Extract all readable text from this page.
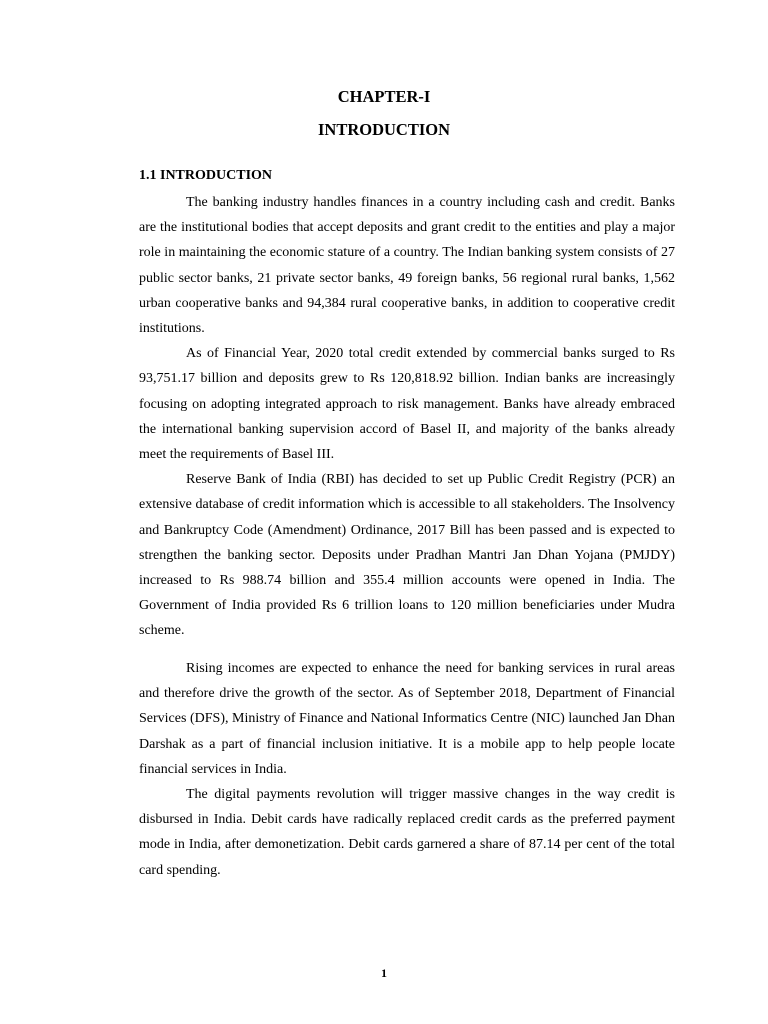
CHAPTER-I
INTRODUCTION
1.1 INTRODUCTION

The banking industry handles finances in a country including cash and credit. Banks are the institutional bodies that accept deposits and grant credit to the entities and play a major role in maintaining the economic stature of a country. The Indian banking system consists of 27 public sector banks, 21 private sector banks, 49 foreign banks, 56 regional rural banks, 1,562 urban cooperative banks and 94,384 rural cooperative banks, in addition to cooperative credit institutions.

As of Financial Year, 2020 total credit extended by commercial banks surged to Rs 93,751.17 billion and deposits grew to Rs 120,818.92 billion. Indian banks are increasingly focusing on adopting integrated approach to risk management. Banks have already embraced the international banking supervision accord of Basel II, and majority of the banks already meet the requirements of Basel III.

Reserve Bank of India (RBI) has decided to set up Public Credit Registry (PCR) an extensive database of credit information which is accessible to all stakeholders. The Insolvency and Bankruptcy Code (Amendment) Ordinance, 2017 Bill has been passed and is expected to strengthen the banking sector. Deposits under Pradhan Mantri Jan Dhan Yojana (PMJDY) increased to Rs 988.74 billion and 355.4 million accounts were opened in India. The Government of India provided Rs 6 trillion loans to 120 million beneficiaries under Mudra scheme.

Rising incomes are expected to enhance the need for banking services in rural areas and therefore drive the growth of the sector. As of September 2018, Department of Financial Services (DFS), Ministry of Finance and National Informatics Centre (NIC) launched Jan Dhan Darshak as a part of financial inclusion initiative. It is a mobile app to help people locate financial services in India.

The digital payments revolution will trigger massive changes in the way credit is disbursed in India. Debit cards have radically replaced credit cards as the preferred payment mode in India, after demonetization. Debit cards garnered a share of 87.14 per cent of the total card spending.

1
